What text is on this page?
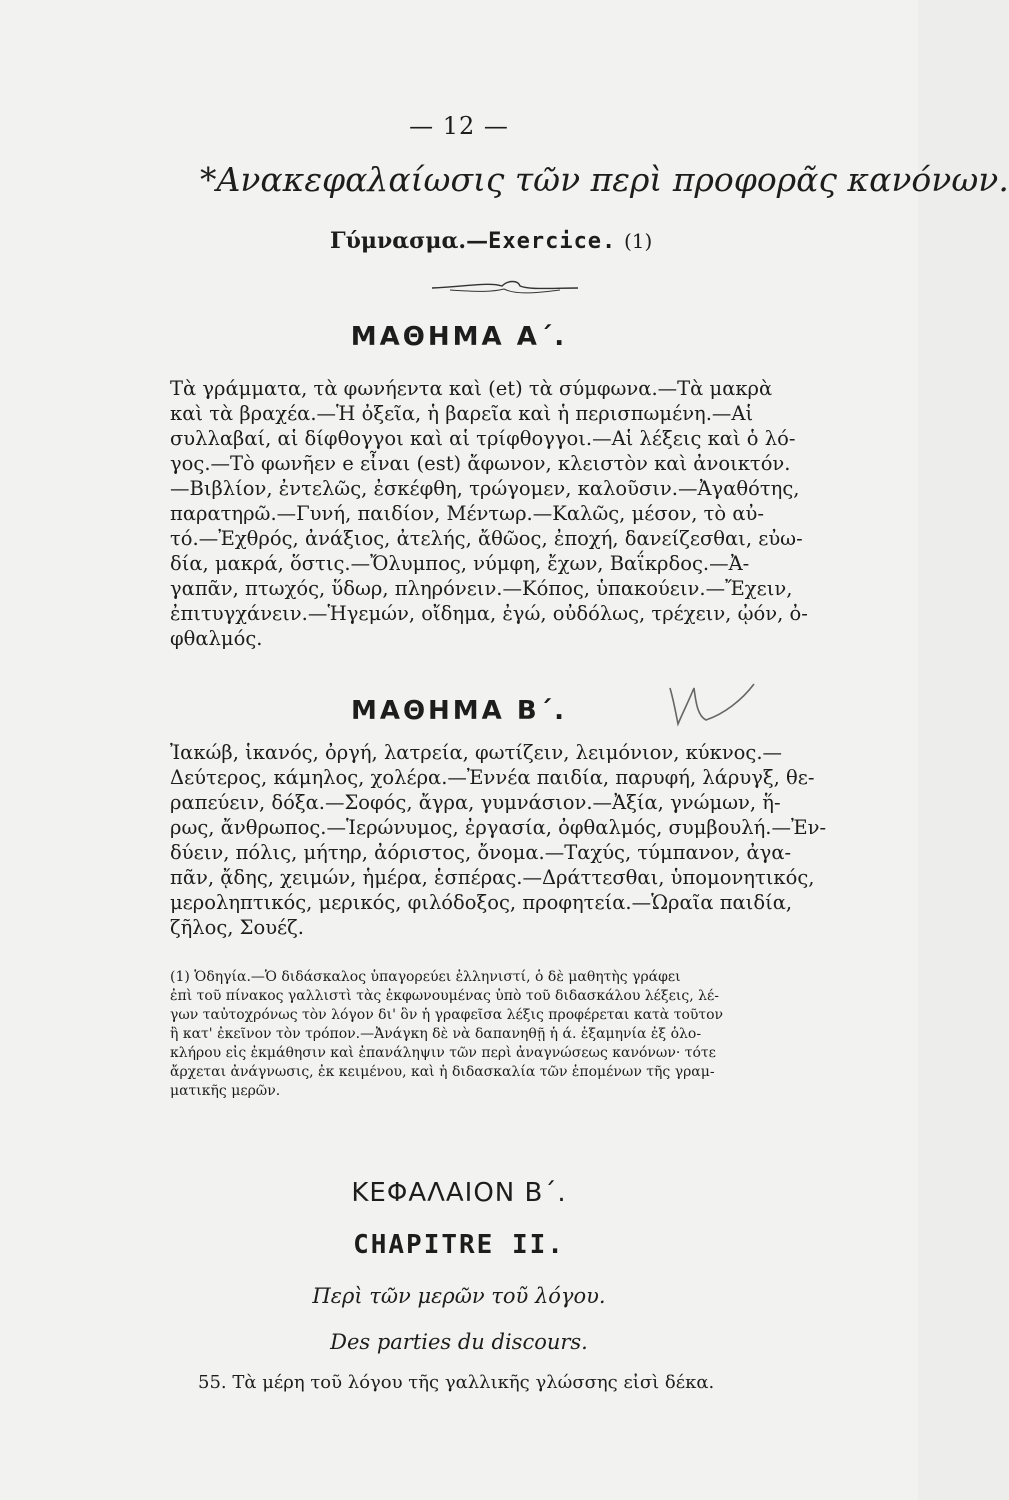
— 12 —
*Ανακεφαλαίωσις τῶν περὶ προφορᾶς κανόνων.
Γύμνασμα.—Exercice. (1)
ΜΑΘΗΜΑ Α΄.

Τὰ γράμματα, τὰ φωνήεντα καὶ (et) τὰ σύμφωνα.—Τὰ μακρὰ
καὶ τὰ βραχέα.—Ἡ ὀξεῖα, ἡ βαρεῖα καὶ ἡ περισπωμένη.—Αἱ
συλλαβαί, αἱ δίφθογγοι καὶ αἱ τρίφθογγοι.—Αἱ λέξεις καὶ ὁ λό-
γος.—Τὸ φωνῆεν e εἶναι (est) ἄφωνον, κλειστὸν καὶ ἀνοικτόν.
—Βιβλίον, ἐντελῶς, ἐσκέφθη, τρώγομεν, καλοῦσιν.—Ἀγαθότης,
παρατηρῶ.—Γυνή, παιδίον, Μέντωρ.—Καλῶς, μέσον, τὸ αὐ-
τό.—Ἐχθρός, ἀνάξιος, ἀτελής, ἄθῶος, ἐποχή, δανείζεσθαι, εὐω-
δία, μακρά, ὅστις.—Ὄλυμπος, νύμφη, ἔχων, Βαΐκρδος.—Ἀ-
γαπᾶν, πτωχός, ὕδωρ, πληρόνειν.—Κόπος, ὑπακούειν.—Ἔχειν,
ἐπιτυγχάνειν.—Ἡγεμών, οἴδημα, ἐγώ, οὐδόλως, τρέχειν, ᾠόν, ὀ-
φθαλμός.

ΜΑΘΗΜΑ Β΄.

Ἰακώβ, ἱκανός, ὀργή, λατρεία, φωτίζειν, λειμόνιον, κύκνος.—
Δεύτερος, κάμηλος, χολέρα.—Ἐννέα παιδία, παρυφή, λάρυγξ, θε-
ραπεύειν, δόξα.—Σοφός, ἄγρα, γυμνάσιον.—Ἀξία, γνώμων, ἥ-
ρως, ἄνθρωπος.—Ἱερώνυμος, ἐργασία, ὀφθαλμός, συμβουλή.—Ἐν-
δύειν, πόλις, μήτηρ, ἀόριστος, ὄνομα.—Ταχύς, τύμπανον, ἀγα-
πᾶν, ᾄδης, χειμών, ἡμέρα, ἑσπέρας.—Δράττεσθαι, ὑπομονητικός,
μεροληπτικός, μερικός, φιλόδοξος, προφητεία.—Ὡραῖα παιδία,
ζῆλος, Σουέζ.

(1) Ὁδηγία.—Ὁ διδάσκαλος ὑπαγορεύει ἑλληνιστί, ὁ δὲ μαθητὴς γράφει
ἐπὶ τοῦ πίνακος γαλλιστὶ τὰς ἐκφωνουμένας ὑπὸ τοῦ διδασκάλου λέξεις, λέ-
γων ταὐτοχρόνως τὸν λόγον δι' ὃν ἡ γραφεῖσα λέξις προφέρεται κατὰ τοῦτον
ἢ κατ' ἐκεῖνον τὸν τρόπον.—Ἀνάγκη δὲ νὰ δαπανηθῇ ἡ ά. ἑξαμηνία ἐξ ὁλο-
κλήρου εἰς ἐκμάθησιν καὶ ἐπανάληψιν τῶν περὶ ἀναγνώσεως κανόνων· τότε
ἄρχεται ἀνάγνωσις, ἐκ κειμένου, καὶ ἡ διδασκαλία τῶν ἑπομένων τῆς γραμ-
ματικῆς μερῶν.

ΚΕΦΑΛΑΙΟΝ Β΄.
CHAPITRE II.
Περὶ τῶν μερῶν τοῦ λόγου.
Des parties du discours.
55. Τὰ μέρη τοῦ λόγου τῆς γαλλικῆς γλώσσης εἰσὶ δέκα.
